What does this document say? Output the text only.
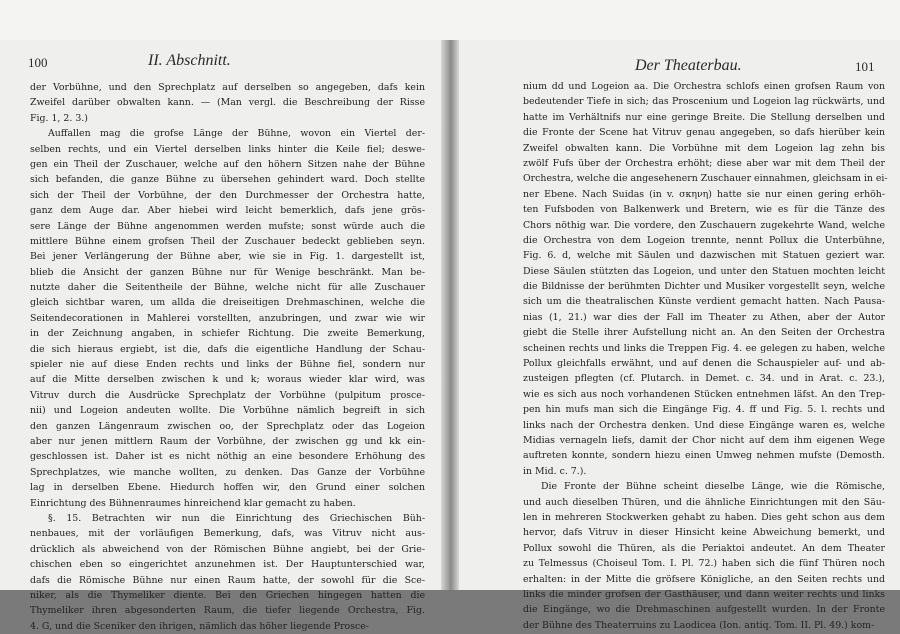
100	II. Abschnitt.
der Vorbühne, und den Sprechplatz auf derselben so angegeben, dafs kein
Zweifel darüber obwalten kann. — (Man vergl. die Beschreibung der Risse
Fig. 1, 2. 3.)
Auffallen mag die grofse Länge der Bühne, wovon ein Viertel der-
selben rechts, und ein Viertel derselben links hinter die Keile fiel; deswe-
gen ein Theil der Zuschauer, welche auf den höhern Sitzen nahe der Bühne
sich befanden, die ganze Bühne zu übersehen gehindert ward. Doch stellte
sich der Theil der Vorbühne, der den Durchmesser der Orchestra hatte,
ganz dem Auge dar. Aber hiebei wird leicht bemerklich, dafs jene grös-
sere Länge der Bühne angenommen werden mufste; sonst würde auch die
mittlere Bühne einem grofsen Theil der Zuschauer bedeckt geblieben seyn.
Bei jener Verlängerung der Bühne aber, wie sie in Fig. 1. dargestellt ist,
blieb die Ansicht der ganzen Bühne nur für Wenige beschränkt. Man be-
nutzte daher die Seitentheile der Bühne, welche nicht für alle Zuschauer
gleich sichtbar waren, um allda die dreiseitigen Drehmaschinen, welche die
Seitendecorationen in Mahlerei vorstellten, anzubringen, und zwar wie wir
in der Zeichnung angaben, in schiefer Richtung. Die zweite Bemerkung,
die sich hieraus ergiebt, ist die, dafs die eigentliche Handlung der Schau-
spieler nie auf diese Enden rechts und links der Bühne fiel, sondern nur
auf die Mitte derselben zwischen k und k; woraus wieder klar wird, was
Vitruv durch die Ausdrücke Sprechplatz der Vorbühne (pulpitum prosce-
nii) und Logeion andeuten wollte. Die Vorbühne nämlich begreift in sich
den ganzen Längenraum zwischen oo, der Sprechplatz oder das Logeion
aber nur jenen mittlern Raum der Vorbühne, der zwischen gg und kk ein-
geschlossen ist. Daher ist es nicht nöthig an eine besondere Erhöhung des
Sprechplatzes, wie manche wollten, zu denken. Das Ganze der Vorbühne
lag in derselben Ebene. Hiedurch hoffen wir, den Grund einer solchen
Einrichtung des Bühnenraumes hinreichend klar gemacht zu haben.
§. 15. Betrachten wir nun die Einrichtung des Griechischen Büh-
nenbaues, mit der vorläufigen Bemerkung, dafs, was Vitruv nicht aus-
drücklich als abweichend von der Römischen Bühne angiebt, bei der Grie-
chischen eben so eingerichtet anzunehmen ist. Der Hauptunterschied war,
dafs die Römische Bühne nur einen Raum hatte, der sowohl für die Sce-
niker, als die Thymeliker diente. Bei den Griechen hingegen hatten die
Thymeliker ihren abgesonderten Raum, die tiefer liegende Orchestra, Fig.
4. G, und die Sceniker den ihrigen, nämlich das höher liegende Prosce-
Der Theaterbau.	101
nium dd und Logeion aa. Die Orchestra schlofs einen grofsen Raum von
bedeutender Tiefe in sich; das Proscenium und Logeion lag rückwärts, und
hatte im Verhältnifs nur eine geringe Breite. Die Stellung derselben und
die Fronte der Scene hat Vitruv genau angegeben, so dafs hierüber kein
Zweifel obwalten kann. Die Vorbühne mit dem Logeion lag zehn bis
zwölf Fufs über der Orchestra erhöht; diese aber war mit dem Theil der
Orchestra, welche die angesehenern Zuschauer einnahmen, gleichsam in ei-
ner Ebene. Nach Suidas (in v. σκηνη) hatte sie nur einen gering erhöh-
ten Fufsboden von Balkenwerk und Bretern, wie es für die Tänze des
Chors nöthig war. Die vordere, den Zuschauern zugekehrte Wand, welche
die Orchestra von dem Logeion trennte, nennt Pollux die Unterbühne,
Fig. 6. d, welche mit Säulen und dazwischen mit Statuen geziert war.
Diese Säulen stützten das Logeion, und unter den Statuen mochten leicht
die Bildnisse der berühmten Dichter und Musiker vorgestellt seyn, welche
sich um die theatralischen Künste verdient gemacht hatten. Nach Pausa-
nias (1, 21.) war dies der Fall im Theater zu Athen, aber der Autor
giebt die Stelle ihrer Aufstellung nicht an. An den Seiten der Orchestra
scheinen rechts und links die Treppen Fig. 4. ee gelegen zu haben, welche
Pollux gleichfalls erwähnt, und auf denen die Schauspieler auf- und ab-
zusteigen pflegten (cf. Plutarch. in Demet. c. 34. und in Arat. c. 23.),
wie es sich aus noch vorhandenen Stücken entnehmen läfst. An den Trep-
pen hin mufs man sich die Eingänge Fig. 4. ff und Fig. 5. l. rechts und
links nach der Orchestra denken. Und diese Eingänge waren es, welche
Midias vernageln liefs, damit der Chor nicht auf dem ihm eigenen Wege
auftreten konnte, sondern hiezu einen Umweg nehmen mufste (Demosth.
in Mid. c. 7.).
Die Fronte der Bühne scheint dieselbe Länge, wie die Römische,
und auch dieselben Thüren, und die ähnliche Einrichtungen mit den Säu-
len in mehreren Stockwerken gehabt zu haben. Dies geht schon aus dem
hervor, dafs Vitruv in dieser Hinsicht keine Abweichung bemerkt, und
Pollux sowohl die Thüren, als die Periaktoi andeutet. An dem Theater
zu Telmessus (Choiseul Tom. I. Pl. 72.) haben sich die fünf Thüren noch
erhalten: in der Mitte die gröfsere Königliche, an den Seiten rechts und
links die minder grofsen der Gasthäuser, und dann weiter rechts und links
die Eingänge, wo die Drehmaschinen aufgestellt wurden. In der Fronte
der Bühne des Theaterruins zu Laodicea (Ion. antiq. Tom. II. Pl. 49.) kom-
